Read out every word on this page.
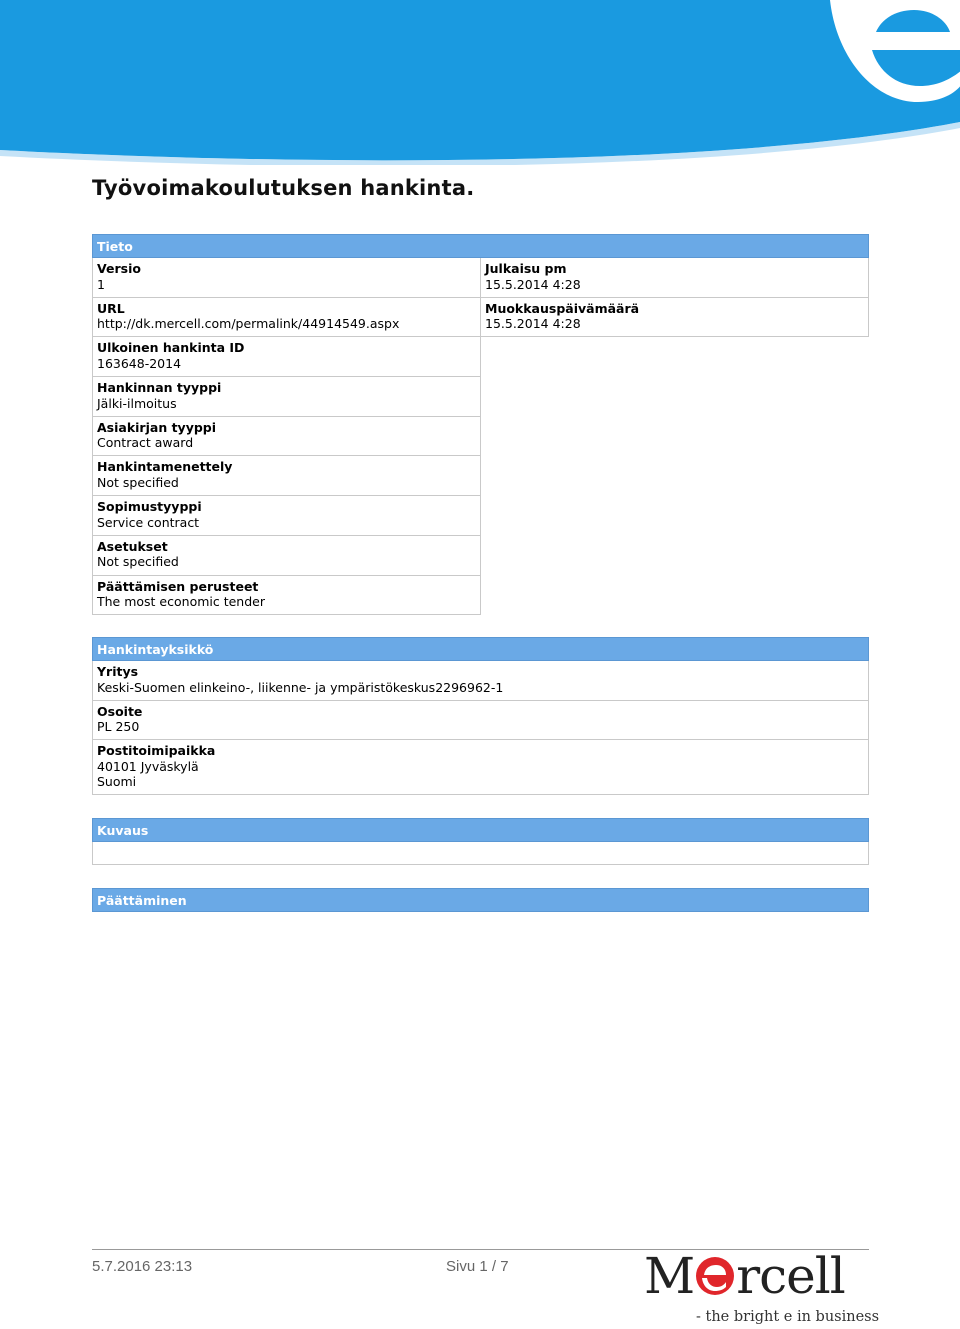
Työvoimakoulutuksen hankinta.
Tieto
Versio
1
URL
http://dk.mercell.com/permalink/44914549.aspx
Ulkoinen hankinta ID
163648-2014
Hankinnan tyyppi
Jälki-ilmoitus
Asiakirjan tyyppi
Contract award
Hankintamenettely
Not specified
Sopimustyyppi
Service contract
Asetukset
Not specified
Päättämisen perusteet
The most economic tender
Julkaisu pm
15.5.2014 4:28
Muokkauspäivämäärä
15.5.2014 4:28
Hankintayksikkö
Yritys
Keski-Suomen elinkeino-, liikenne- ja ympäristökeskus2296962-1
Osoite
PL 250
Postitoimipaikka
40101 Jyväskylä
Suomi
Kuvaus
Päättäminen
5.7.2016 23:13	Sivu 1 / 7	M rcell
- the bright e in business
